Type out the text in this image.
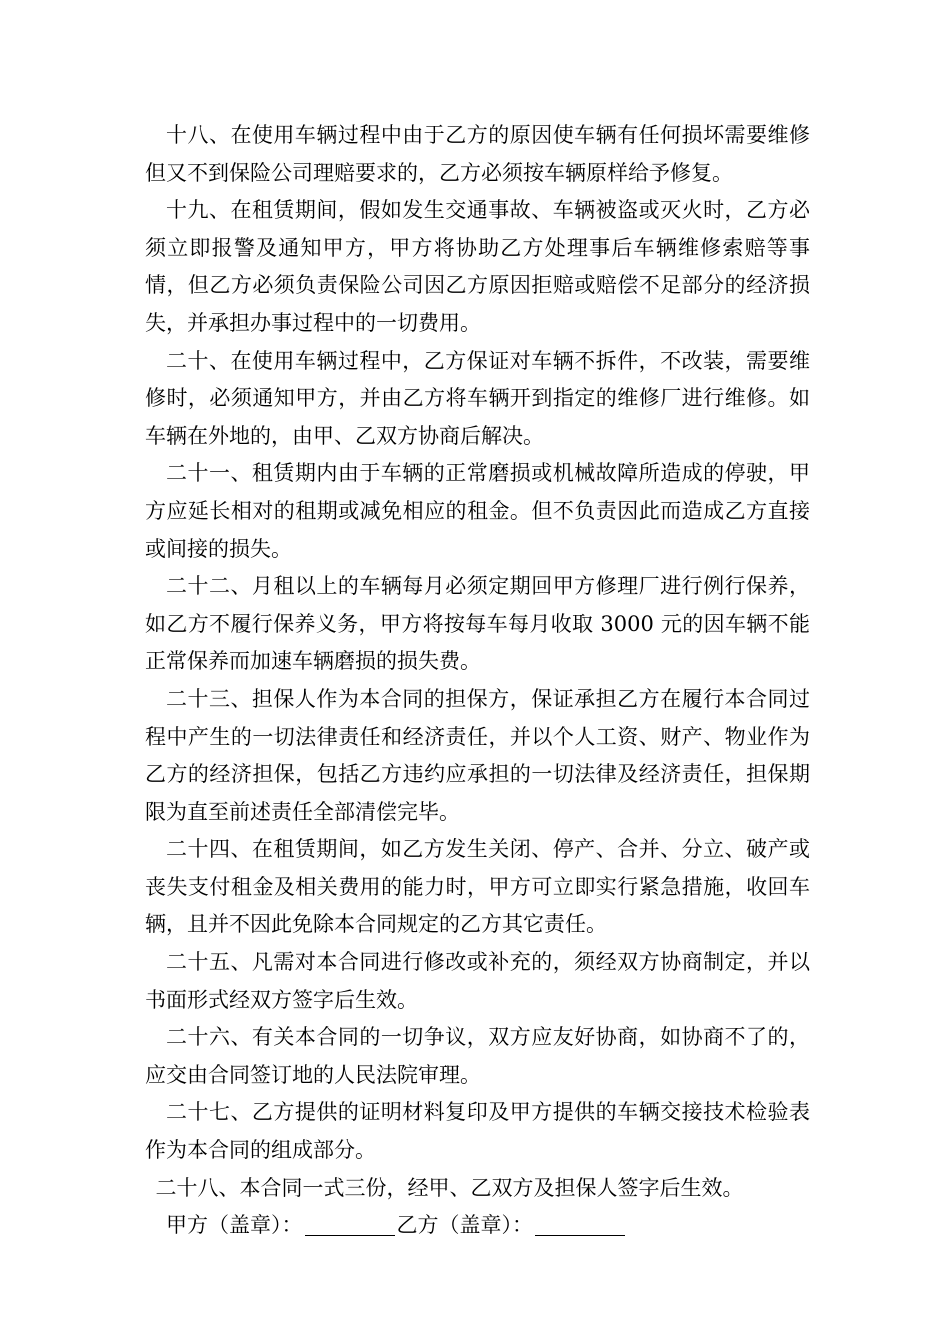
十八、在使用车辆过程中由于乙方的原因使车辆有任何损坏需要维修但又不到保险公司理赔要求的，乙方必须按车辆原样给予修复。

十九、在租赁期间，假如发生交通事故、车辆被盗或灭火时，乙方必须立即报警及通知甲方，甲方将协助乙方处理事后车辆维修索赔等事情，但乙方必须负责保险公司因乙方原因拒赔或赔偿不足部分的经济损失，并承担办事过程中的一切费用。

二十、在使用车辆过程中，乙方保证对车辆不拆件，不改装，需要维修时，必须通知甲方，并由乙方将车辆开到指定的维修厂进行维修。如车辆在外地的，由甲、乙双方协商后解决。

二十一、租赁期内由于车辆的正常磨损或机械故障所造成的停驶，甲方应延长相对的租期或减免相应的租金。但不负责因此而造成乙方直接或间接的损失。

二十二、月租以上的车辆每月必须定期回甲方修理厂进行例行保养，如乙方不履行保养义务，甲方将按每车每月收取 3000 元的因车辆不能正常保养而加速车辆磨损的损失费。

二十三、担保人作为本合同的担保方，保证承担乙方在履行本合同过程中产生的一切法律责任和经济责任，并以个人工资、财产、物业作为乙方的经济担保，包括乙方违约应承担的一切法律及经济责任，担保期限为直至前述责任全部清偿完毕。

二十四、在租赁期间，如乙方发生关闭、停产、合并、分立、破产或丧失支付租金及相关费用的能力时，甲方可立即实行紧急措施，收回车辆，且并不因此免除本合同规定的乙方其它责任。

二十五、凡需对本合同进行修改或补充的，须经双方协商制定，并以书面形式经双方签字后生效。

二十六、有关本合同的一切争议，双方应友好协商，如协商不了的，应交由合同签订地的人民法院审理。

二十七、乙方提供的证明材料复印及甲方提供的车辆交接技术检验表作为本合同的组成部分。

二十八、本合同一式三份，经甲、乙双方及担保人签字后生效。

甲方（盖章）：	乙方（盖章）：
